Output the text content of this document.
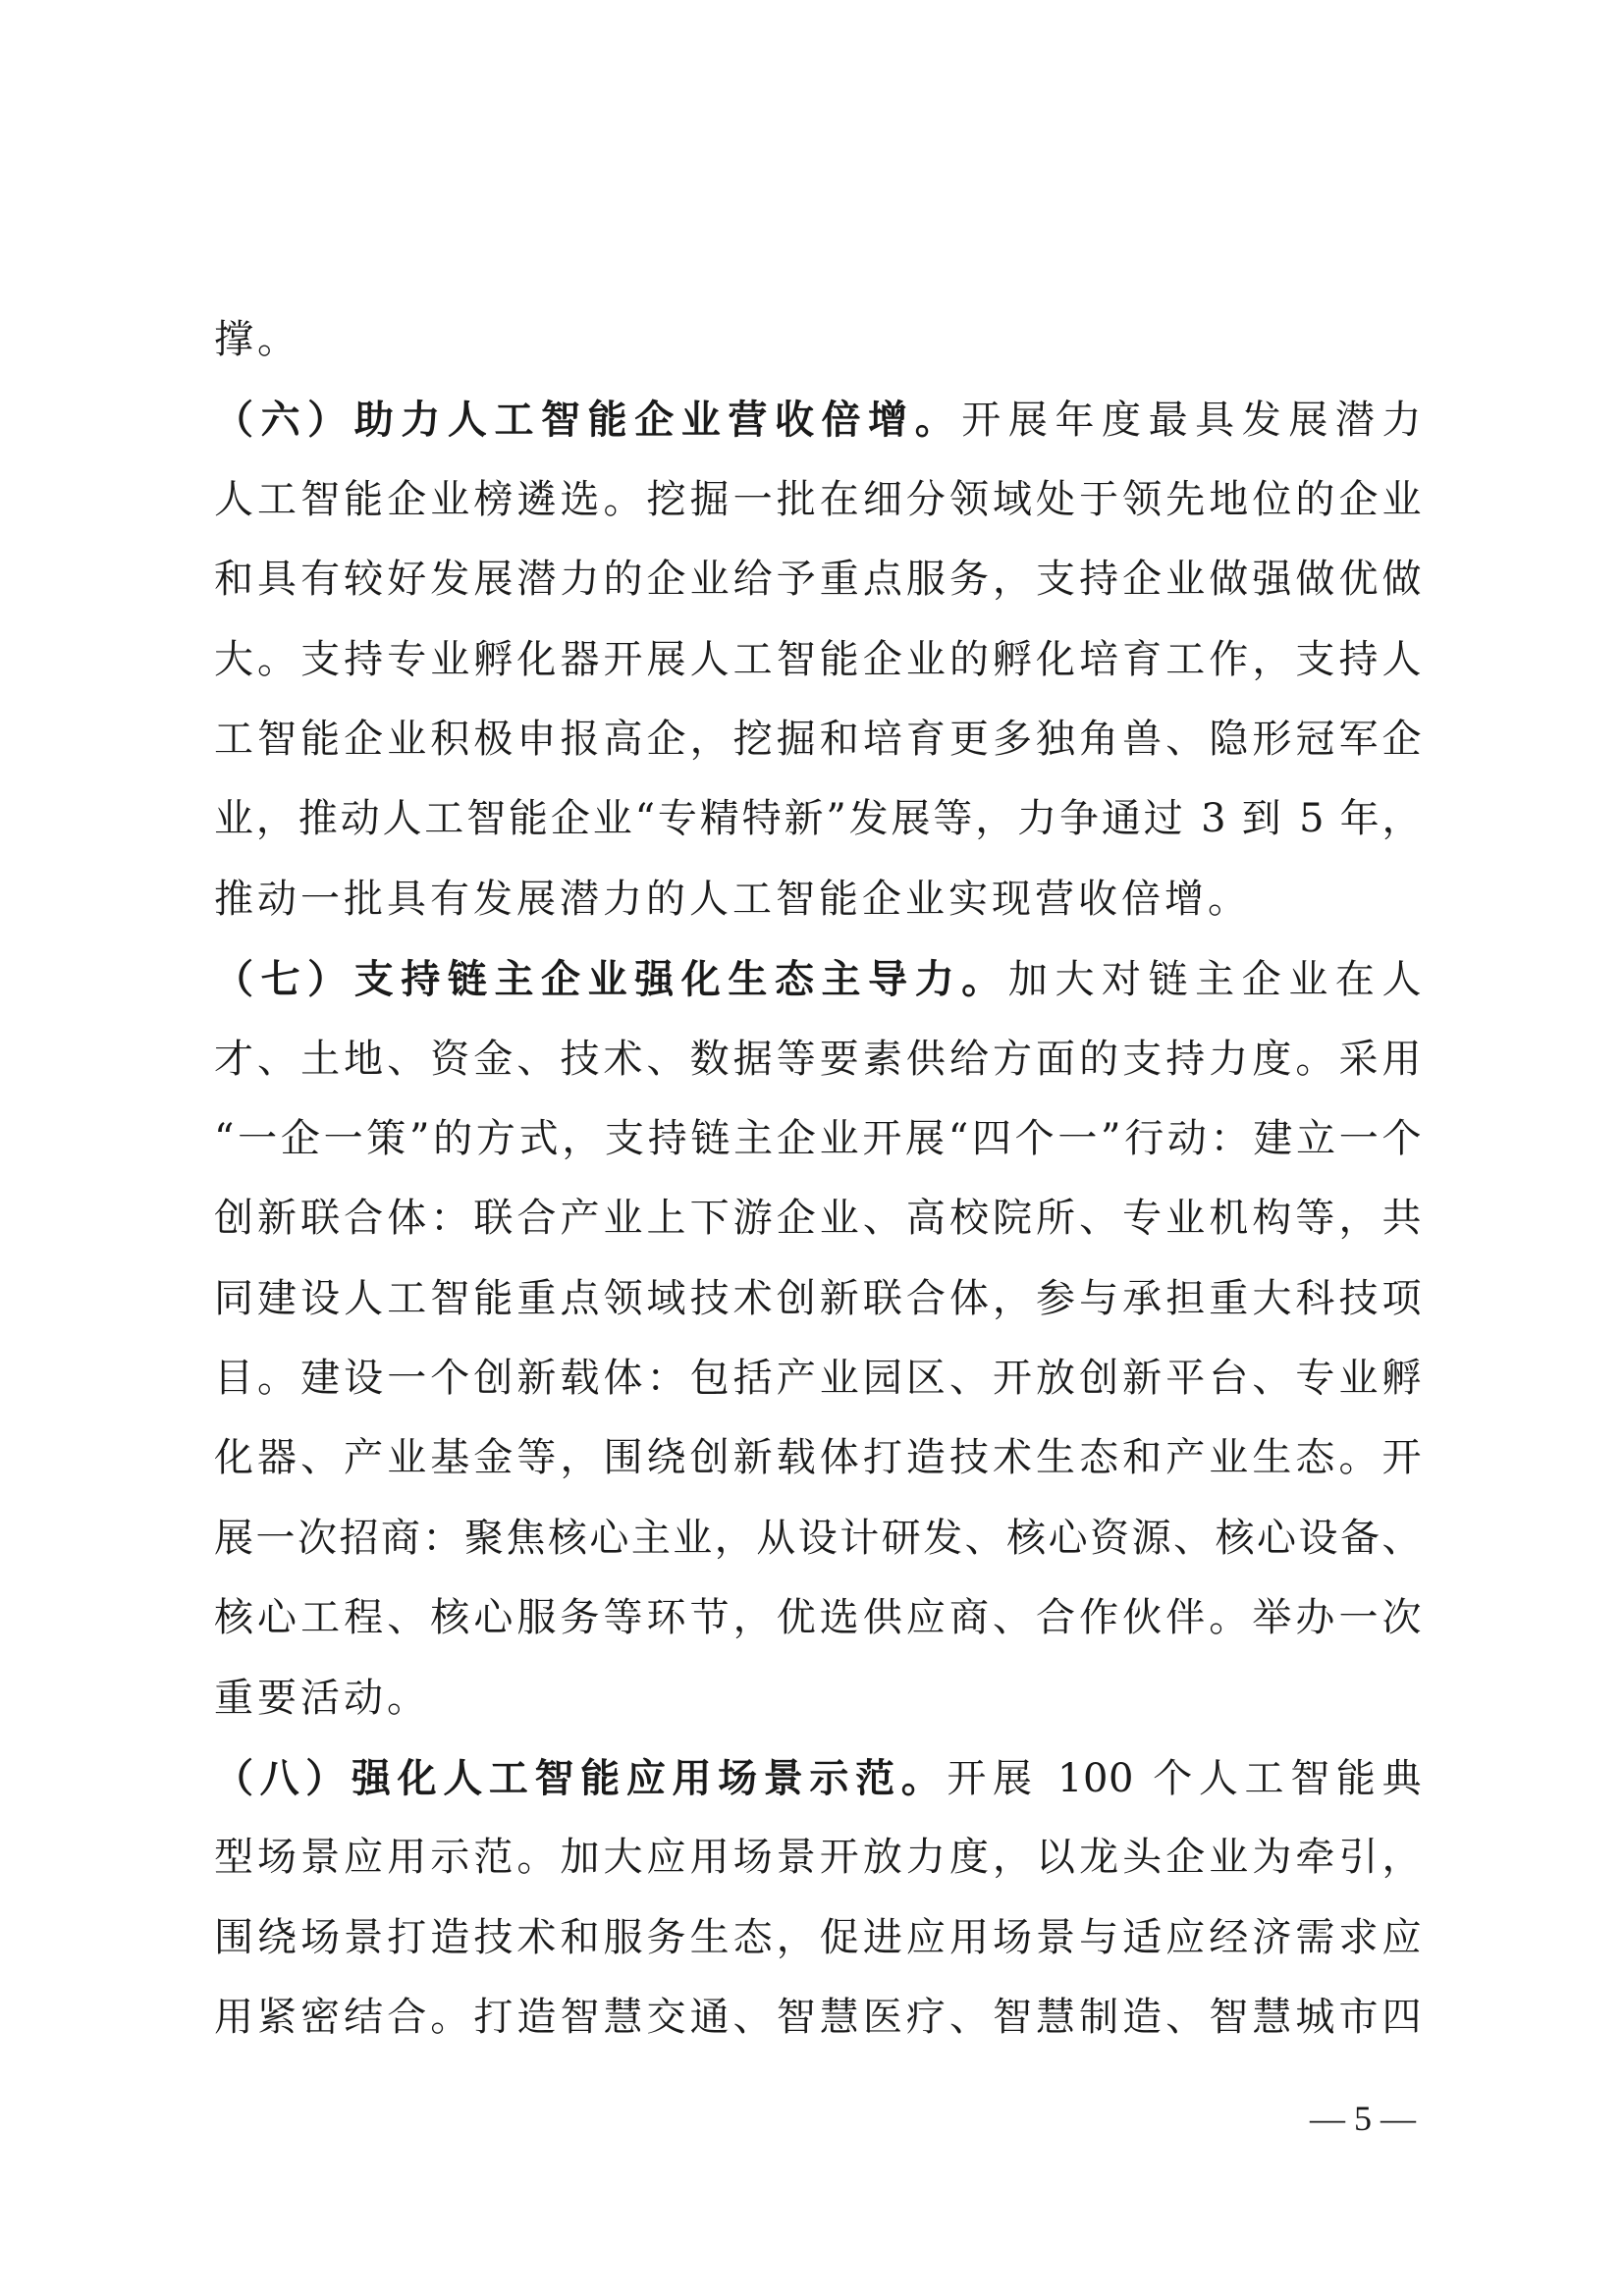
撑。
（六）助力人工智能企业营收倍增。开展年度最具发展潜力
人工智能企业榜遴选。挖掘一批在细分领域处于领先地位的企业
和具有较好发展潜力的企业给予重点服务，支持企业做强做优做
大。支持专业孵化器开展人工智能企业的孵化培育工作，支持人
工智能企业积极申报高企，挖掘和培育更多独角兽、隐形冠军企
业，推动人工智能企业“专精特新”发展等，力争通过 3 到 5 年，
推动一批具有发展潜力的人工智能企业实现营收倍增。
（七）支持链主企业强化生态主导力。加大对链主企业在人
才、土地、资金、技术、数据等要素供给方面的支持力度。采用
“一企一策”的方式，支持链主企业开展“四个一”行动：建立一个
创新联合体：联合产业上下游企业、高校院所、专业机构等，共
同建设人工智能重点领域技术创新联合体，参与承担重大科技项
目。建设一个创新载体：包括产业园区、开放创新平台、专业孵
化器、产业基金等，围绕创新载体打造技术生态和产业生态。开
展一次招商：聚焦核心主业，从设计研发、核心资源、核心设备、
核心工程、核心服务等环节，优选供应商、合作伙伴。举办一次
重要活动。
（八）强化人工智能应用场景示范。开展 100 个人工智能典
型场景应用示范。加大应用场景开放力度，以龙头企业为牵引，
围绕场景打造技术和服务生态，促进应用场景与适应经济需求应
用紧密结合。打造智慧交通、智慧医疗、智慧制造、智慧城市四
— 5 —
